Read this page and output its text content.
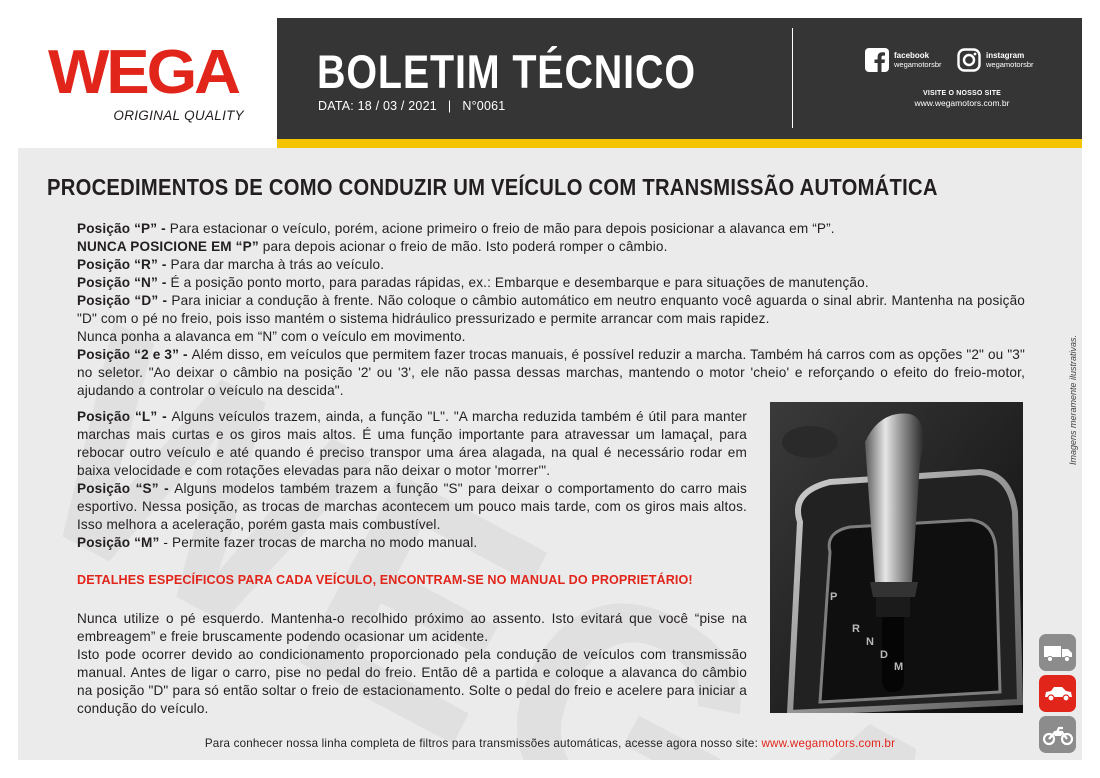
WEGA
ORIGINAL QUALITY
BOLETIM TÉCNICO
DATA: 18 / 03 / 2021   |   N°0061
facebook
wegamotorsbr
instagram
wegamotorsbr
VISITE O NOSSO SITE
www.wegamotors.com.br
PROCEDIMENTOS DE COMO CONDUZIR UM VEÍCULO COM TRANSMISSÃO AUTOMÁTICA

Posição “P” - Para estacionar o veículo, porém, acione primeiro o freio de mão para depois posicionar a alavanca em “P”.

NUNCA POSICIONE EM “P” para depois acionar o freio de mão. Isto poderá romper o câmbio.

Posição “R” - Para dar marcha à trás ao veículo.

Posição “N” - É a posição ponto morto, para paradas rápidas, ex.: Embarque e desembarque e para situações de manutenção.

Posição “D” - Para iniciar a condução à frente. Não coloque o câmbio automático em neutro enquanto você aguarda o sinal abrir. Mantenha na posição "D" com o pé no freio, pois isso mantém o sistema hidráulico pressurizado e permite arrancar com mais rapidez.

Nunca ponha a alavanca em “N” com o veículo em movimento.

Posição “2 e 3” - Além disso, em veículos que permitem fazer trocas manuais, é possível reduzir a marcha. Também há carros com as opções "2" ou "3" no seletor. "Ao deixar o câmbio na posição '2' ou '3', ele não passa dessas marchas, mantendo o motor 'cheio' e reforçando o efeito do freio-motor, ajudando a controlar o veículo na descida".

Posição “L” - Alguns veículos trazem, ainda, a função "L". "A marcha reduzida também é útil para manter marchas mais curtas e os giros mais altos. É uma função importante para atravessar um lamaçal, para rebocar outro veículo e até quando é preciso transpor uma área alagada, na qual é necessário rodar em baixa velocidade e com rotações elevadas para não deixar o motor 'morrer'".

Posição “S” - Alguns modelos também trazem a função "S" para deixar o comportamento do carro mais esportivo. Nessa posição, as trocas de marchas acontecem um pouco mais tarde, com os giros mais altos. Isso melhora a aceleração, porém gasta mais combustível.

Posição “M” - Permite fazer trocas de marcha no modo manual.

DETALHES ESPECÍFICOS PARA CADA VEÍCULO, ENCONTRAM-SE NO MANUAL DO PROPRIETÁRIO!

Nunca utilize o pé esquerdo. Mantenha-o recolhido próximo ao assento. Isto evitará que você “pise na embreagem” e freie bruscamente podendo ocasionar um acidente.

Isto pode ocorrer devido ao condicionamento proporcionado pela condução de veículos com transmissão manual. Antes de ligar o carro, pise no pedal do freio. Então dê a partida e coloque a alavanca do câmbio na posição "D" para só então soltar o freio de estacionamento. Solte o pedal do freio e acelere para iniciar a condução do veículo.

P
R
N
D
M
Para conhecer nossa linha completa de filtros para transmissões automáticas, acesse agora nosso site: www.wegamotors.com.br
Imagens meramente ilustrativas.
